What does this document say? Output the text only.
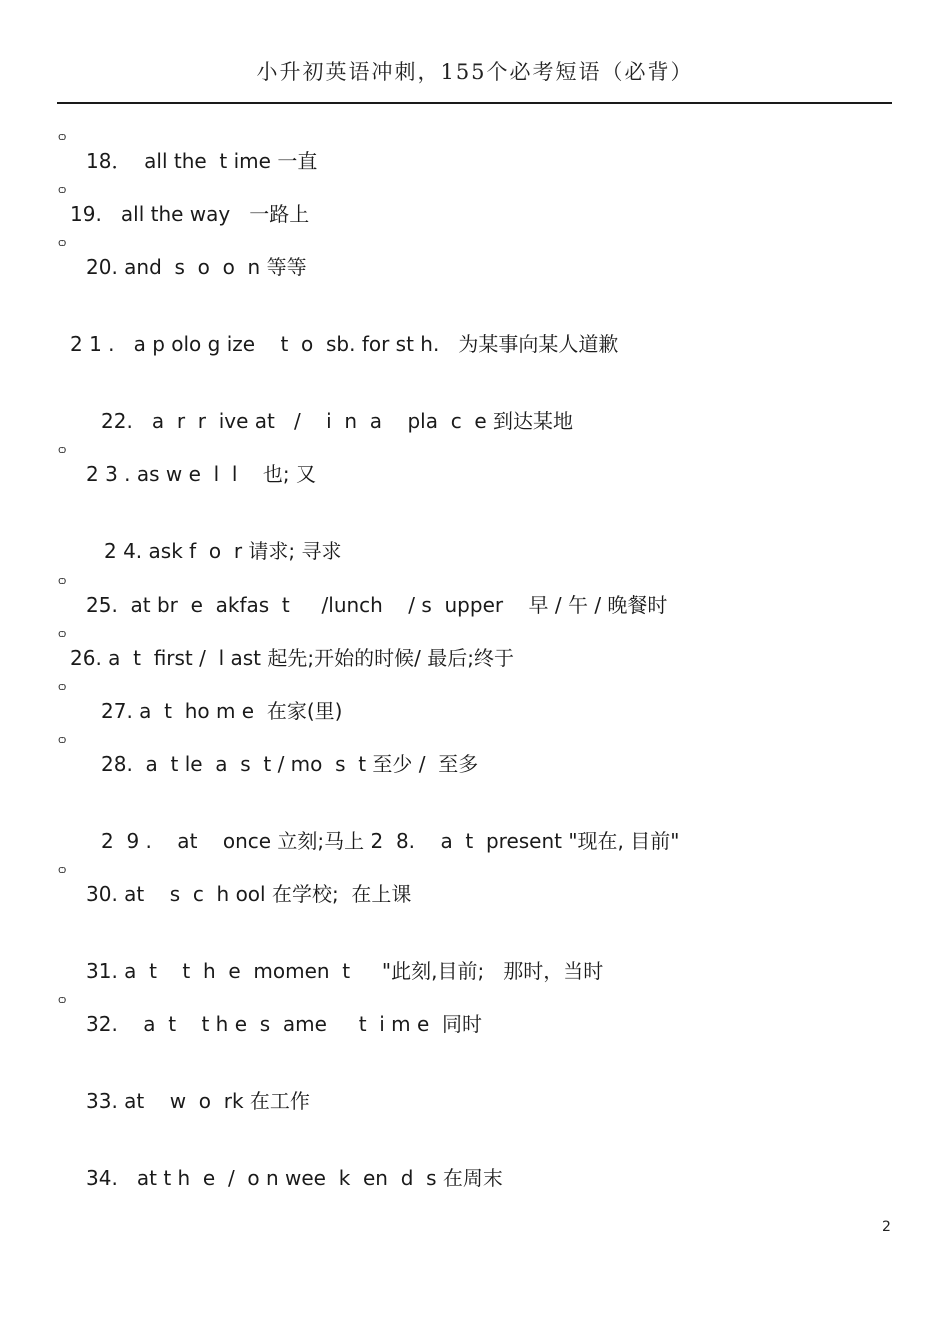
小升初英语冲刺，155个必考短语（必背）
ѻ
ѻ
ѻ
ѻ
ѻ
ѻ
ѻ
ѻ
ѻ
ѻ
18．  all the  t ime 一直
19.   all the way   一路上
20. and  s  o  o  n 等等
2 1 .   a p olo g ize    t  o  sb. for st h.   为某事向某人道歉
22.   a  r  r  ive at   /    i  n  a    pla  c  e 到达某地
2 3 . as w e  l  l    也; 又
2 4. ask f  o  r 请求; 寻求
25.  at br  e  akfas  t     /lunch    / s  upper    早 / 午 / 晚餐时
26. a  t  first /  l ast 起先;开始的时候/ 最后;终于
27. a  t  ho m e  在家(里)
28.  a  t le  a  s  t / mo  s  t 至少 /  至多
2  9 .    at    once 立刻;马上 2  8.    a  t  present "现在, 目前"
30. at    s  c  h ool 在学校;  在上课
31. a  t    t  h  e  momen  t     "此刻,目前;   那时，当时
32.    a  t    t h e  s  ame     t  i m e  同时
33. at    w  o  rk 在工作
34.   at t h  e  /  o n wee  k  en  d  s 在周末
2
